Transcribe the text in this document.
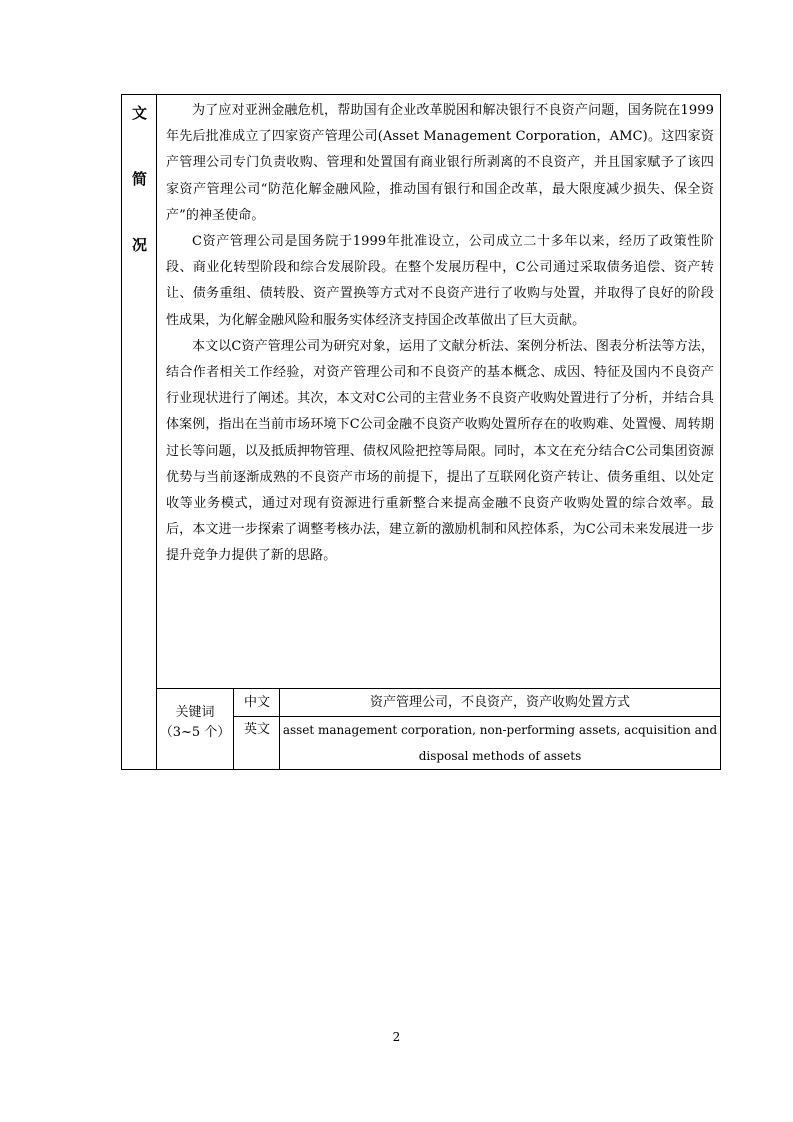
文
简
况

为了应对亚洲金融危机，帮助国有企业改革脱困和解决银行不良资产问题，国务院在1999年先后批准成立了四家资产管理公司(Asset Management Corporation，AMC)。这四家资产管理公司专门负责收购、管理和处置国有商业银行所剥离的不良资产，并且国家赋予了该四家资产管理公司“防范化解金融风险，推动国有银行和国企改革，最大限度减少损失、保全资产”的神圣使命。

C资产管理公司是国务院于1999年批准设立，公司成立二十多年以来，经历了政策性阶段、商业化转型阶段和综合发展阶段。在整个发展历程中，C公司通过采取债务追偿、资产转让、债务重组、债转股、资产置换等方式对不良资产进行了收购与处置，并取得了良好的阶段性成果，为化解金融风险和服务实体经济支持国企改革做出了巨大贡献。

本文以C资产管理公司为研究对象，运用了文献分析法、案例分析法、图表分析法等方法，结合作者相关工作经验，对资产管理公司和不良资产的基本概念、成因、特征及国内不良资产行业现状进行了阐述。其次，本文对C公司的主营业务不良资产收购处置进行了分析，并结合具体案例，指出在当前市场环境下C公司金融不良资产收购处置所存在的收购难、处置慢、周转期过长等问题，以及抵质押物管理、债权风险把控等局限。同时，本文在充分结合C公司集团资源优势与当前逐渐成熟的不良资产市场的前提下，提出了互联网化资产转让、债务重组、以处定收等业务模式，通过对现有资源进行重新整合来提高金融不良资产收购处置的综合效率。最后，本文进一步探索了调整考核办法，建立新的激励机制和风控体系，为C公司未来发展进一步提升竞争力提供了新的思路。

关键词
（3~5 个）
中文	资产管理公司，不良资产，资产收购处置方式
英文	asset management corporation, non-performing assets, acquisition and
disposal methods of assets
2
